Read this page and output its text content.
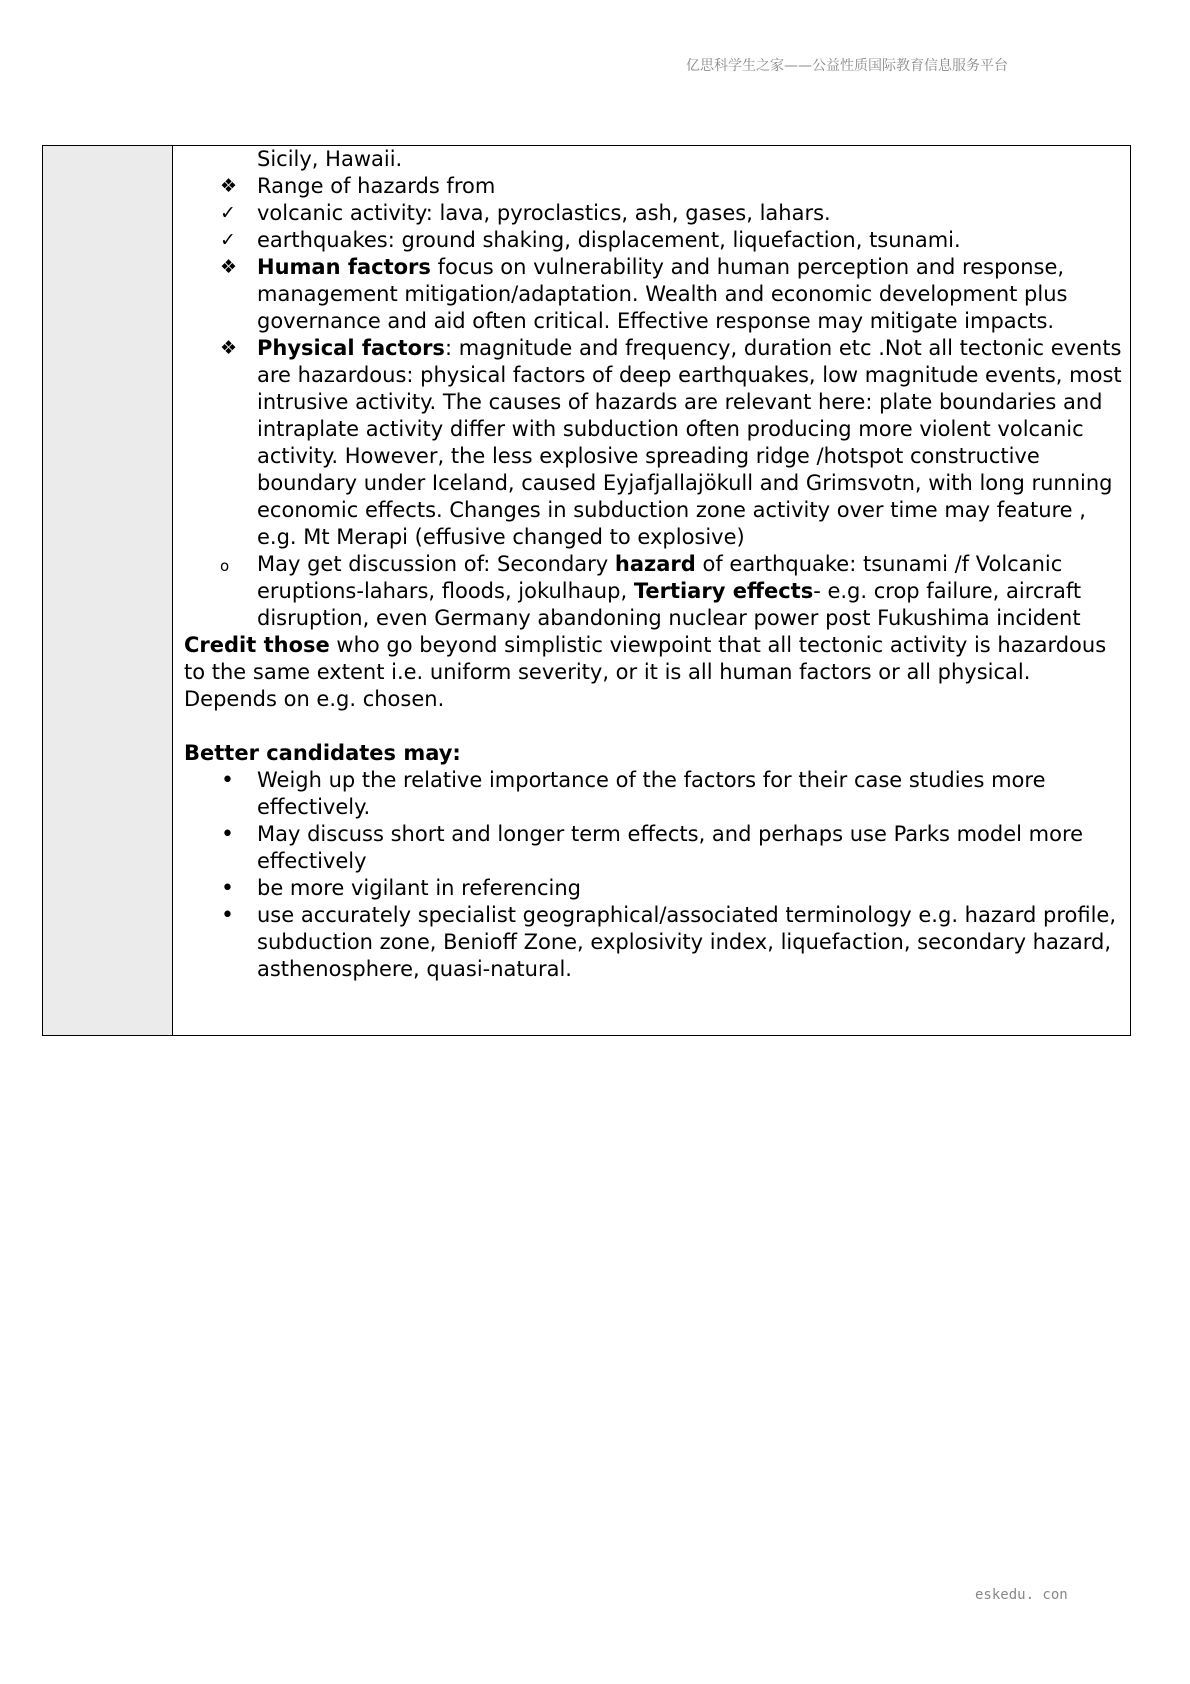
亿思科学生之家——公益性质国际教育信息服务平台
Sicily, Hawaii.
❖ Range of hazards from
✓	volcanic activity: lava, pyroclastics, ash, gases, lahars.
✓	earthquakes: ground shaking, displacement, liquefaction, tsunami.
❖ Human factors focus on vulnerability and human perception and response, management mitigation/adaptation. Wealth and economic development plus governance and aid often critical. Effective response may mitigate impacts.
❖ Physical factors: magnitude and frequency, duration etc .Not all tectonic events are hazardous: physical factors of deep earthquakes, low magnitude events, most intrusive activity. The causes of hazards are relevant here: plate boundaries and intraplate activity differ with subduction often producing more violent volcanic activity. However, the less explosive spreading ridge /hotspot constructive boundary under Iceland, caused Eyjafjallajökull and Grimsvotn, with long running economic effects. Changes in subduction zone activity over time may feature , e.g. Mt Merapi (effusive changed to explosive)
o	May get discussion of: Secondary hazard of earthquake: tsunami /f Volcanic eruptions-lahars, floods, jokulhaup, Tertiary effects- e.g. crop failure, aircraft disruption, even Germany abandoning nuclear power post Fukushima incident
Credit those who go beyond simplistic viewpoint that all tectonic activity is hazardous to the same extent i.e. uniform severity, or it is all human factors or all physical. Depends on e.g. chosen.
Better candidates may:
•	Weigh up the relative importance of the factors for their case studies more effectively.
•	May discuss short and longer term effects, and perhaps use Parks model more effectively
•	be more vigilant in referencing
•	use accurately specialist geographical/associated terminology e.g. hazard profile, subduction zone, Benioff Zone, explosivity index, liquefaction, secondary hazard, asthenosphere, quasi-natural.
eskedu. con
